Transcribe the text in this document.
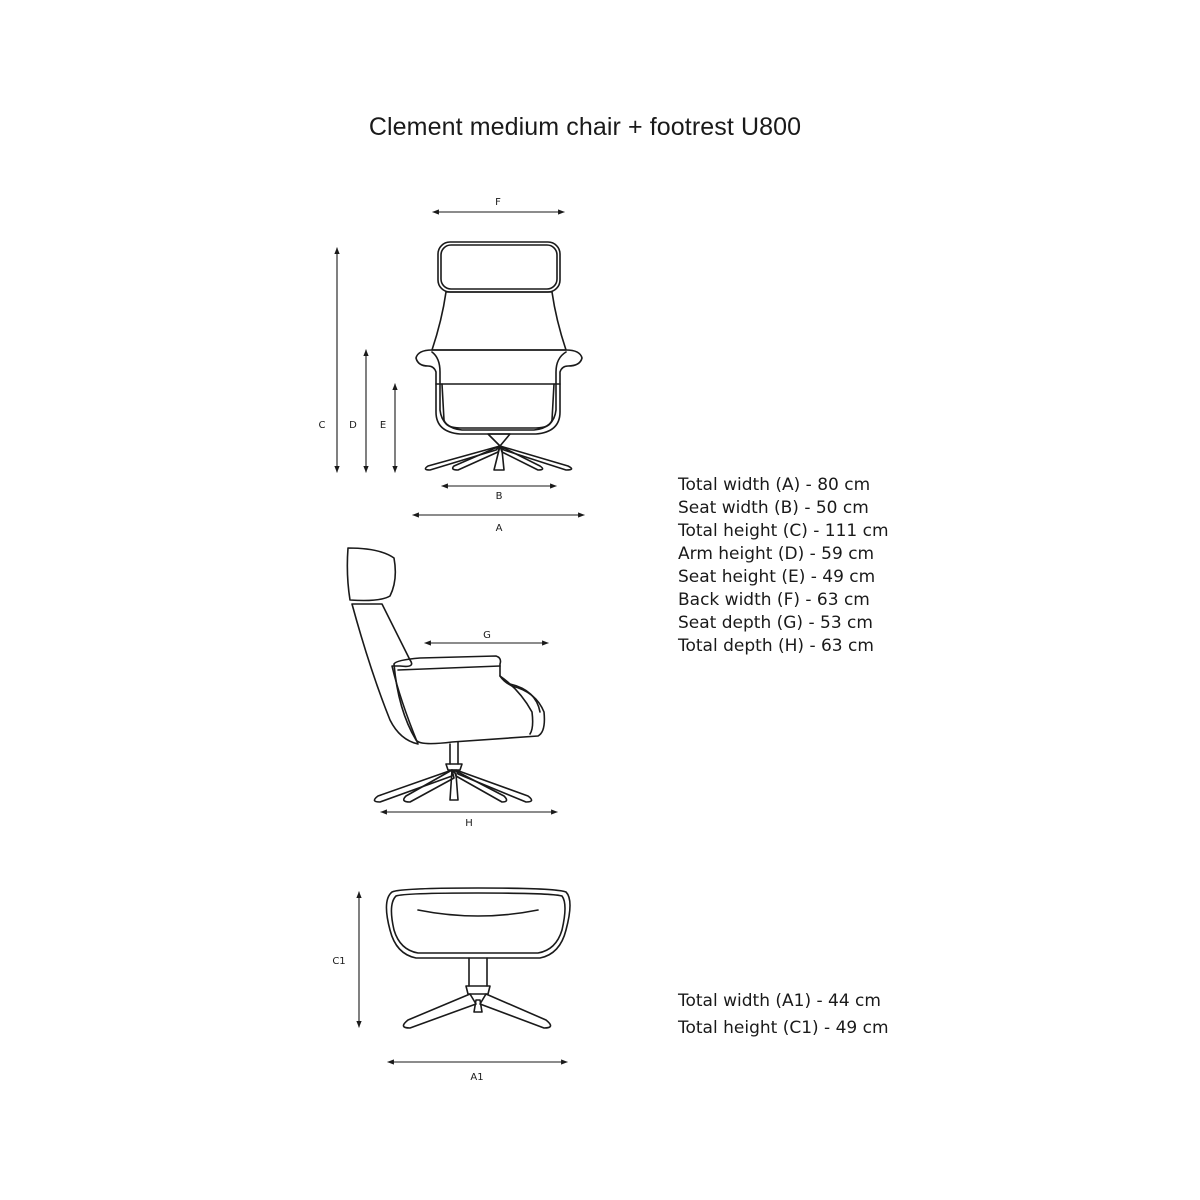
Clement medium chair + footrest U800
F
C D E
B
A
G
H
C1
A1
Total width (A) - 80 cm
Seat width (B) - 50 cm
Total height (C) - 111 cm
Arm height (D) - 59 cm
Seat height (E) - 49 cm
Back width (F) - 63 cm
Seat depth (G) - 53 cm
Total depth (H) - 63 cm
Total width (A1) - 44 cm
Total height (C1) - 49 cm
